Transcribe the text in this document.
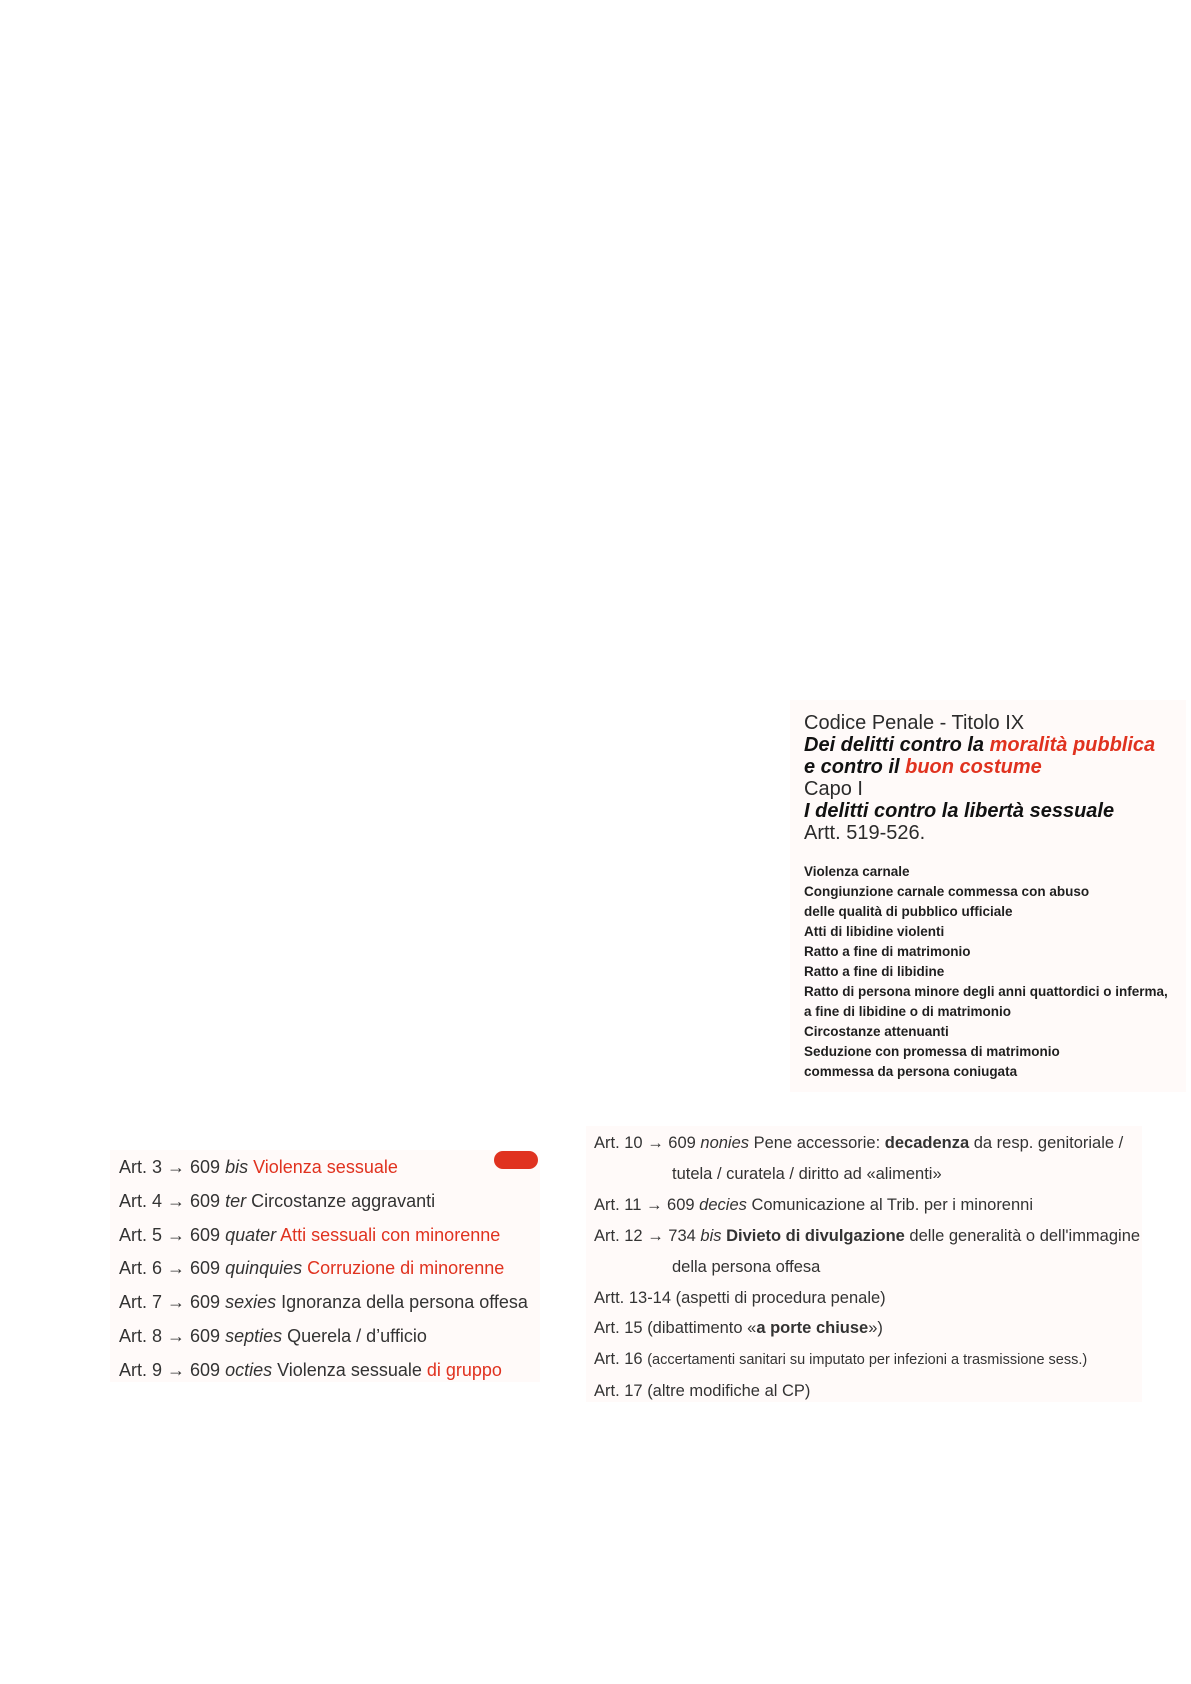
Codice Penale - Titolo IX
Dei delitti contro la moralità pubblica
e contro il buon costume
Capo I
I delitti contro la libertà sessuale
Artt. 519-526.
Violenza carnale
Congiunzione carnale commessa con abuso
delle qualità di pubblico ufficiale
Atti di libidine violenti
Ratto a fine di matrimonio
Ratto a fine di libidine
Ratto di persona minore degli anni quattordici o inferma,
a fine di libidine o di matrimonio
Circostanze attenuanti
Seduzione con promessa di matrimonio
commessa da persona coniugata
Art. 3 → 609 bis Violenza sessuale
Art. 4 → 609 ter Circostanze aggravanti
Art. 5 → 609 quater Atti sessuali con minorenne
Art. 6 → 609 quinquies Corruzione di minorenne
Art. 7 → 609 sexies Ignoranza della persona offesa
Art. 8 → 609 septies Querela / d’ufficio
Art. 9 → 609 octies Violenza sessuale di gruppo
Art. 10 → 609 nonies Pene accessorie: decadenza da resp. genitoriale /
tutela / curatela / diritto ad «alimenti»
Art. 11 → 609 decies Comunicazione al Trib. per i minorenni
Art. 12 → 734 bis Divieto di divulgazione delle generalità o dell'immagine
della persona offesa
Artt. 13-14 (aspetti di procedura penale)
Art. 15 (dibattimento «a porte chiuse»)
Art. 16 (accertamenti sanitari su imputato per infezioni a trasmissione sess.)
Art. 17 (altre modifiche al CP)
